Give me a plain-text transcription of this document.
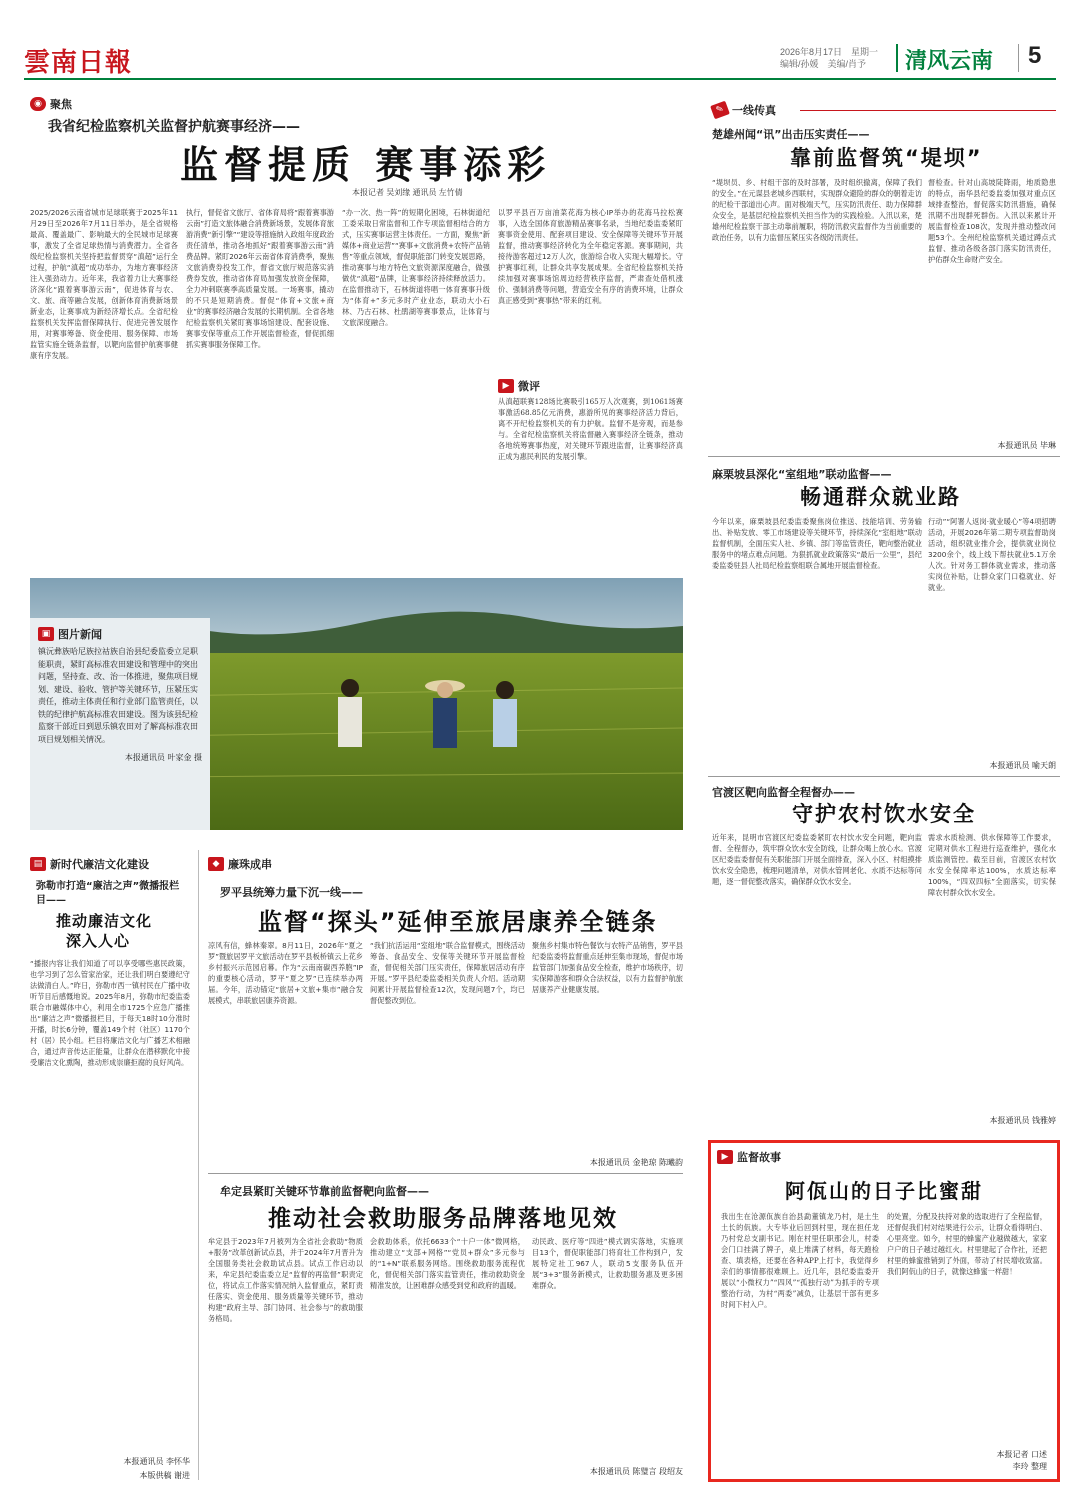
雲南日報	2026年8月17日　星期一
编辑/孙媛　美编/肖予	清风云南 5
◉ 聚焦
我省纪检监察机关监督护航赛事经济——
监督提质 赛事添彩
本报记者 吴刘缘 通讯员 左竹倩
2025/2026云南省城市足球联赛于2025年11月29日至2026年7月11日举办，是全省规格最高、覆盖最广、影响最大的全民城市足球赛事，激发了全省足球热情与消费潜力。全省各级纪检监察机关坚持把监督贯穿“滇超”运行全过程，护航“滇超”成功举办，为地方赛事经济注入强劲动力。近年来，我省着力让大赛事经济深化“跟着赛事游云南”，促进体育与农、文、旅、商等融合发展，创新体育消费新场景新业态，让赛事成为新经济增长点。全省纪检监察机关发挥监督保障执行、促进完善发展作用，对赛事筹备、资金使用、服务保障、市场监管实施全链条监督，以靶向监督护航赛事健康有序发展。
执行，督促省文旅厅、省体育局将“跟着赛事游云南”打造文旅体融合消费新场景，发展体育旅游消费“新引擎”“建设等措施纳入政组年度政治责任清单，推动各地抓好“跟着赛事游云南”消费品牌。紧盯2026年云南省体育消费季，聚焦文旅消费券投发工作，督省文旅厅规范落实消费券发放，推动省体育局加强发放资金保障，全力冲刺联赛季高质量发展。一场赛事，撬动的不只是短期消费。督促“体育+文旅+商业”的赛事经济融合发展的长期机制。全省各地纪检监察机关紧盯赛事场馆建设、配套设施、赛事安保等重点工作开展监督检查，督促抓细抓实赛事服务保障工作。
“办一次、热一阵”的短期化困境，石林街道纪工委采取日常监督和工作专项监督相结合的方式，压实赛事运营主体责任。一方面，聚焦“新媒体+商业运营”“赛事+文旅消费+农特产品销售”等重点领域，督促职能部门转变发展思路，推动赛事与地方特色文旅资源深度融合，做强做优“滇超”品牌，让赛事经济持续释放活力。在监督推动下，石林街道将唱一体育赛事升级为“体育+”多元多时产业业态，联动大小石林、乃古石林、杜鹃湖等赛事景点，让体育与文旅深度融合。
以罗平县百万亩油菜花海为核心IP举办的花海马拉松赛事，入选全国体育旅游精品赛事名录，当地纪委监委紧盯赛事资金使用、配套项目建设、安全保障等关键环节开展监督，推动赛事经济转化为全年稳定客源。赛事期间，共接待游客超过12万人次，旅游综合收入实现大幅增长。守护赛事红利，让群众共享发展成果。全省纪检监察机关持续加强对赛事场馆周边经营秩序监督，严肃查处借机涨价、强制消费等问题，营造安全有序的消费环境，让群众真正感受到“赛事热”带来的红利。
▶ 微评
从滇超联赛128场比赛吸引165万人次观赛，到1061场赛事激活68.85亿元消费，惠游所见的赛事经济活力背后，离不开纪检监察机关的有力护航。监督不是旁观，而是参与。全省纪检监察机关将监督融入赛事经济全链条，推动各地统筹赛事热度，对关键环节跟进监督，让赛事经济真正成为惠民利民的发展引擎。
▣ 图片新闻
镇沅彝族哈尼族拉祜族自治县纪委监委立足职能职责，紧盯高标准农田建设和管理中的突出问题，坚持查、改、治一体推进，聚焦项目规划、建设、验收、管护等关键环节，压紧压实责任，推动主体责任和行业部门监管责任，以铁的纪律护航高标准农田建设。图为该县纪检监察干部近日到恩乐镇农田对了解高标准农田项目规划相关情况。
本报通讯员 叶家金 摄
✎ 一线传真
楚雄州闻“讯”出击压实责任——
靠前监督筑“堤坝”
“堤坝员、乡、村组干部的及时部署，及时组织撤离，保障了我们的安全。”在元谋县老城乡西联村，实现群众避险的群众的朝着走访的纪检干部道出心声。面对极端天气，压实防汛责任、助力保障群众安全，是基层纪检监察机关担当作为的实践检验。入汛以来，楚雄州纪检监察干部主动靠前履职，将防汛救灾监督作为当前重要的政治任务，以有力监督压紧压实各级防汛责任。
督检查。针对山高坡陡降雨，地质隐患的特点，南华县纪委监委加强对重点区域排查整治，督促落实防汛措施，确保汛期不出现群死群伤。入汛以来累计开展监督检查108次，发现并推动整改问题53个。全州纪检监察机关通过蹲点式监督、推动各级各部门落实防汛责任，护佑群众生命财产安全。
本报通讯员 毕琳
麻栗坡县深化“室组地”联动监督——
畅通群众就业路
今年以来，麻栗坡县纪委监委聚焦岗位推送、技能培训、劳务输出、补贴发放、零工市场建设等关键环节，持续深化“室组地”联动监督机制，全面压实人社、乡镇、部门等监管责任，靶向整治就业服务中的堵点难点问题。为狠抓就业政策落实“最后一公里”，县纪委监委驻县人社局纪检监察组联合属地开展监督检查。
行动”“阿署人返岗·就业暖心”等4项招聘活动，开展2026年第二期专项监督助岗活动，组织就业推介会，提供就业岗位3200余个，线上线下帮扶就业5.1万余人次。针对务工群体就业需求，推动落实岗位补贴，让群众家门口稳就业、好就业。
本报通讯员 喻天朗
官渡区靶向监督全程督办——
守护农村饮水安全
近年来，昆明市官渡区纪委监委紧盯农村饮水安全问题，靶向监督、全程督办，筑牢群众饮水安全防线，让群众喝上放心水。官渡区纪委监委督促有关职能部门开展全面排查，深入小区、村组摸排饮水安全隐患，梳理问题清单，对供水管网老化、水质不达标等问题，逐一督促整改落实，确保群众饮水安全。
需求水质检测、供水保障等工作要求，定期对供水工程进行巡查维护，强化水质监测管控。截至目前，官渡区农村饮水安全保障率达100%，水质达标率100%，“四双四标”全面落实，切实保障农村群众饮水安全。
本报通讯员 钱雅婷
▶ 监督故事
阿佤山的日子比蜜甜
我出生在沧源佤族自治县勐董镇龙乃村，是土生土长的佤族。大专毕业后回到村里，现在担任龙乃村党总支副书记。刚在村里任职那会儿，村委会门口挂满了牌子，桌上堆满了材料，每天跑检查、填表格，还要在各种APP上打卡，我觉得乡亲们的事情都很难顾上。近几年，县纪委监委开展以“小微权力”“四风”“孤独行动”为抓手的专项整治行动，为村“两委”减负，让基层干部有更多时间下村入户。
的处置，分配及扶持对象的选取进行了全程监督，还督促我们村对结果进行公示，让群众看得明白、心里亮堂。如今，村里的蜂蜜产业越做越大，家家户户的日子越过越红火。村里建起了合作社，还把村里的蜂蜜推销到了外面，带动了村民增收致富。我们阿佤山的日子，就像这蜂蜜一样甜！
本报记者 口述
李玲 整理
▤ 新时代廉洁文化建设
弥勒市打造“廉洁之声”微播报栏目——
推动廉洁文化
深入人心
“播报内容让我们知道了可以享受哪些惠民政策，也学习到了怎么管家治家，还让我们明白要遵纪守法做清白人。”昨日，弥勒市西一镇村民在广播中收听节目后感慨地说。2025年8月，弥勒市纪委监委联合市融媒体中心，利用全市1725个应急广播推出“廉洁之声”微播报栏目，于每天18时10分准时开播，时长6分钟，覆盖149个村（社区）1170个村（居）民小组。栏目将廉洁文化与广播艺术相融合，通过声音传达正能量，让群众在潜移默化中接受廉洁文化熏陶，推动形成崇廉拒腐的良好风尚。
本报通讯员 李怀华
本版供稿 谢进
◆ 廉珠成串
罗平县统筹力量下沉一线——
监督“探头”延伸至旅居康养全链条
凉风有信，蜂林秦翠。8月11日，2026年“夏之罗”暨旅居罗平文旅活动在罗平县板桥镇云上花乡乡村振兴示范园启幕。作为“云南南碳西养胞”IP的重要核心活动，罗平“夏之罗”已连续举办两届。今年，活动锚定“旅居+文旅+集市”融合发展模式，串联旅居康养资源。
“我们抗活运用“室组地”联合监督模式，围绕活动筹备、食品安全、安保等关键环节开展监督检查，督促相关部门压实责任，保障旅居活动有序开展。”罗平县纪委监委相关负责人介绍。活动期间累计开展监督检查12次，发现问题7个，均已督促整改到位。
聚焦乡村集市特色餐饮与农特产品销售，罗平县纪委监委将监督重点延伸至集市现场，督促市场监管部门加强食品安全检查，维护市场秩序，切实保障游客和群众合法权益，以有力监督护航旅居康养产业健康发展。
本报通讯员 金艳琼 陈曦韵
牟定县紧盯关键环节靠前监督靶向监督——
推动社会救助服务品牌落地见效
牟定县于2023年7月被列为全省社会救助“物质+服务”改革创新试点县，并于2024年7月晋升为全国服务类社会救助试点县。试点工作启动以来，牟定县纪委监委立足“监督的再监督”职责定位，将试点工作落实情况纳入监督重点，紧盯责任落实、资金使用、服务质量等关键环节，推动构建“政府主导、部门协同、社会参与”的救助服务格局。
会救助体系，依托6633个“十户一体”微网格，推动建立“支部+网格”“党员+群众”多元参与的“1+N”联系服务网络。围绕救助服务流程优化，督促相关部门落实监管责任，推动救助资金精准发放，让困难群众感受到党和政府的温暖。
动民政、医疗等“四进”模式调实落地，实施项目13个，督促职能部门将育壮工作构到户，发展特定社工967人，联动5支服务队伍开展“3+3”服务新模式，让救助服务惠及更多困难群众。
本报通讯员 陈璧言 段绍友
